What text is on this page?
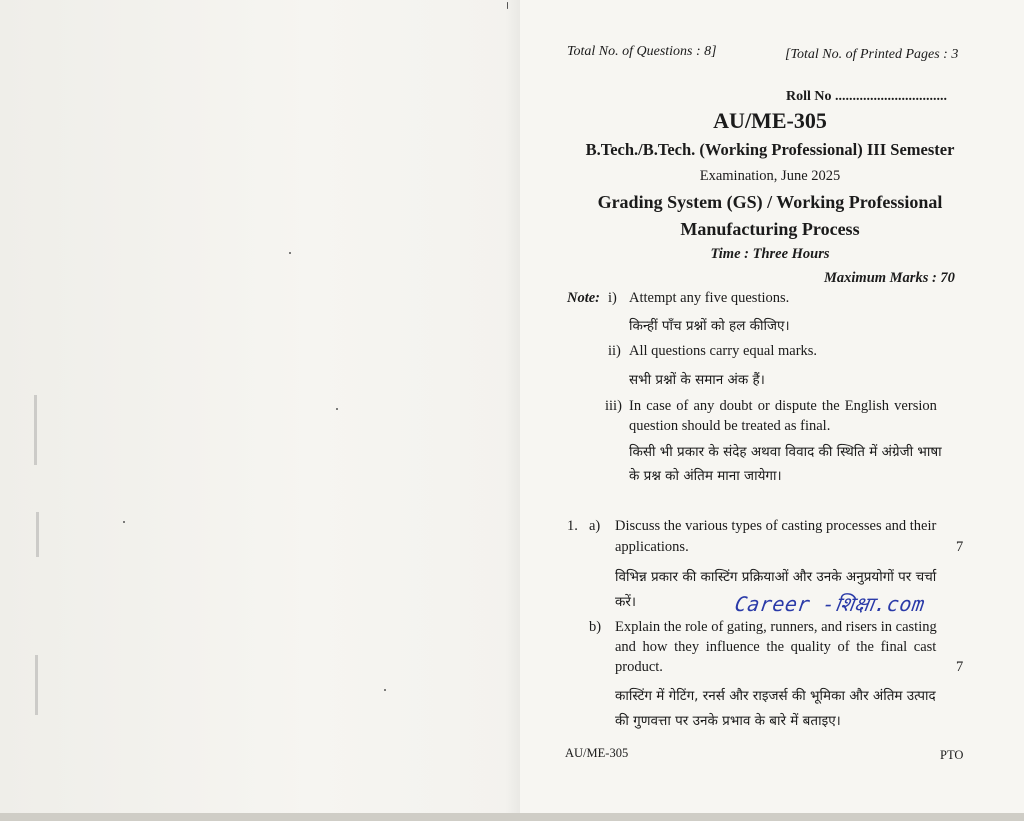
Total No. of Questions : 8]	[Total No. of Printed Pages : 3
Roll No ................................
AU/ME-305
B.Tech./B.Tech. (Working Professional) III Semester
Examination, June 2025
Grading System (GS) / Working Professional
Manufacturing Process
Time : Three Hours
Maximum Marks : 70
Note: i) Attempt any five questions.
किन्हीं पाँच प्रश्नों को हल कीजिए।
ii) All questions carry equal marks.
सभी प्रश्नों के समान अंक हैं।
iii) In case of any doubt or dispute the English version
question should be treated as final.
किसी भी प्रकार के संदेह अथवा विवाद की स्थिति में अंग्रेजी भाषा
के प्रश्न को अंतिम माना जायेगा।
1. a) Discuss the various types of casting processes and their
applications.	7
विभिन्न प्रकार की कास्टिंग प्रक्रियाओं और उनके अनुप्रयोगों पर चर्चा
करें।	Career -शिक्षा.com
b) Explain the role of gating, runners, and risers in casting
and how they influence the quality of the final cast
product.	7
कास्टिंग में गेटिंग, रनर्स और राइजर्स की भूमिका और अंतिम उत्पाद
की गुणवत्ता पर उनके प्रभाव के बारे में बताइए।
AU/ME-305	PTO
